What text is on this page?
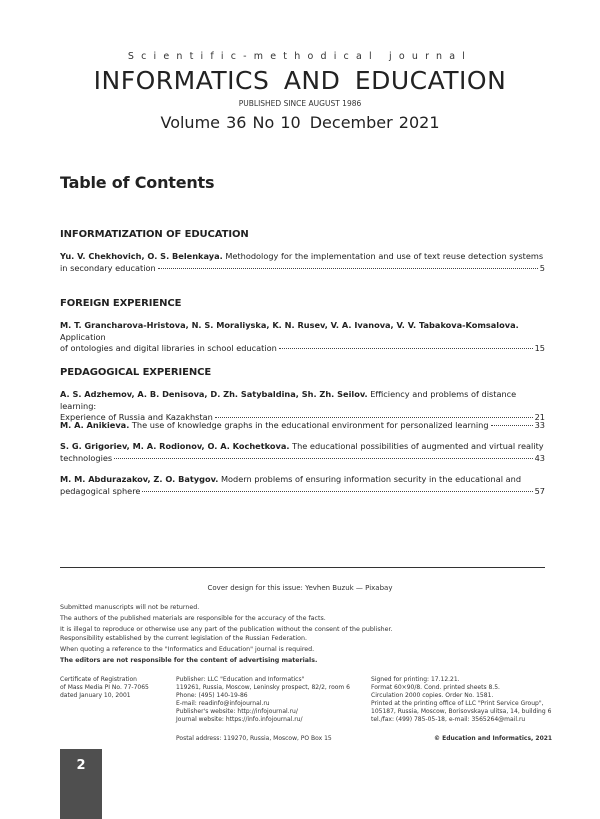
Scientific-methodical journal
INFORMATICS AND EDUCATION
PUBLISHED SINCE AUGUST 1986
Volume 36 No 10 December 2021
Table of Contents
INFORMATIZATION OF EDUCATION
Yu. V. Chekhovich, O. S. Belenkaya. Methodology for the implementation and use of text reuse detection systems
in secondary education	5
FOREIGN EXPERIENCE
M. T. Grancharova-Hristova, N. S. Moraliyska, K. N. Rusev, V. A. Ivanova, V. V. Tabakova-Komsalova. Application
of ontologies and digital libraries in school education	15
PEDAGOGICAL EXPERIENCE
A. S. Adzhemov, A. B. Denisova, D. Zh. Satybaldina, Sh. Zh. Seilov. Efficiency and problems of distance learning:
Experience of Russia and Kazakhstan	21
M. A. Anikieva. The use of knowledge graphs in the educational environment for personalized learning	33
S. G. Grigoriev, M. A. Rodionov, O. A. Kochetkova. The educational possibilities of augmented and virtual reality
technologies	43
M. M. Abdurazakov, Z. O. Batygov. Modern problems of ensuring information security in the educational and
pedagogical sphere	57
Cover design for this issue: Yevhen Buzuk — Pixabay
Submitted manuscripts will not be returned.
The authors of the published materials are responsible for the accuracy of the facts.
It is illegal to reproduce or otherwise use any part of the publication without the consent of the publisher.
Responsibility established by the current legislation of the Russian Federation.
When quoting a reference to the "Informatics and Education" journal is required.
The editors are not responsible for the content of advertising materials.
Certificate of Registration
of Mass Media PI No. 77-7065
dated January 10, 2001
Publisher: LLC "Education and Informatics"
119261, Russia, Moscow, Leninsky prospect, 82/2, room 6
Phone: (495) 140-19-86
E-mail: readinfo@infojournal.ru
Publisher's website: http://infojournal.ru/
Journal website: https://info.infojournal.ru/
Postal address: 119270, Russia, Moscow, PO Box 15
Signed for printing: 17.12.21.
Format 60×90/8. Cond. printed sheets 8.5.
Circulation 2000 copies. Order No. 1581.
Printed at the printing office of LLC "Print Service Group",
105187, Russia, Moscow, Borisovskaya ulitsa, 14, building 6
tel./fax: (499) 785-05-18, e-mail: 3565264@mail.ru
© Education and Informatics, 2021
2
